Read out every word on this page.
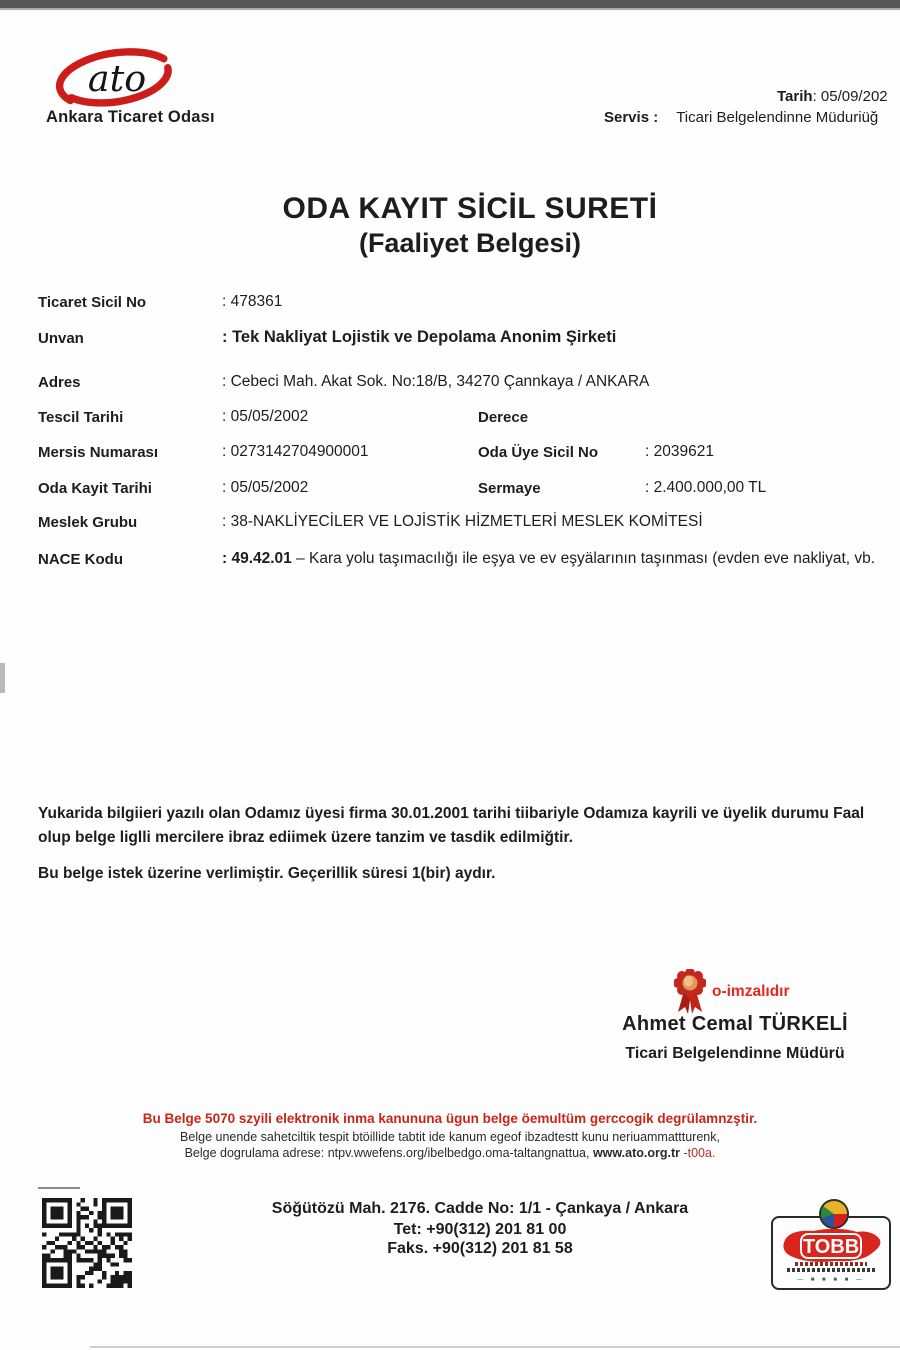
ato
Ankara Ticaret Odası
Tarih: 05/09/202
Servis : Ticari Belgelendinne Müduriüğ
ODA KAYIT SİCİL SURETİ
(Faaliyet Belgesi)
Ticaret Sicil No	: 478361
Unvan	: Tek Nakliyat Lojistik ve Depolama Anonim Şirketi
Adres	: Cebeci Mah. Akat Sok. No:18/B, 34270 Çannkaya / ANKARA
Tescil Tarihi	: 05/05/2002	Derece
Mersis Numarası	: 0273142704900001	Oda Üye Sicil No	: 2039621
Oda Kayit Tarihi	: 05/05/2002	Sermaye	: 2.400.000,00 TL
Meslek Grubu	: 38-NAKLİYECİLER VE LOJİSTİK HİZMETLERİ MESLEK KOMİTESİ
NACE Kodu	: 49.42.01 – Kara yolu taşımacılığı ile eşya ve ev eşyälarının taşınması (evden eve nakliyat, vb.
Yukarida bilgiieri yazılı olan Odamız üyesi firma 30.01.2001 tarihi tiibariyle Odamıza kayrili ve üyelik durumu Faal olup belge liglli mercilere ibraz ediimek üzere tanzim ve tasdik edilmiğtir.
Bu belge istek üzerine verlimiştir. Geçerillik süresi 1(bir) aydır.
o-imzalıdır
Ahmet Cemal TÜRKELİ
Ticari Belgelendinne Müdürü
Bu Belge 5070 szyili elektronik inma kanununa ügun belge öemultüm gerccogik degrülamnzştir.
Belge unende sahetciltik tespit btöillide tabtit ide kanum egeof ibzadtestt kunu neriuammattturenk,
Belge dogrulama adrese: ntpv.wwefens.org/ibelbedgo.oma-taltangnattua, www.ato.org.tr -t00a.
Söğütözü Mah. 2176. Cadde No: 1/1 - Çankaya / Ankara
Tet: +90(312) 201 81 00
Faks. +90(312) 201 81 58	TOBB
— ■ ■ ■ ■ —
